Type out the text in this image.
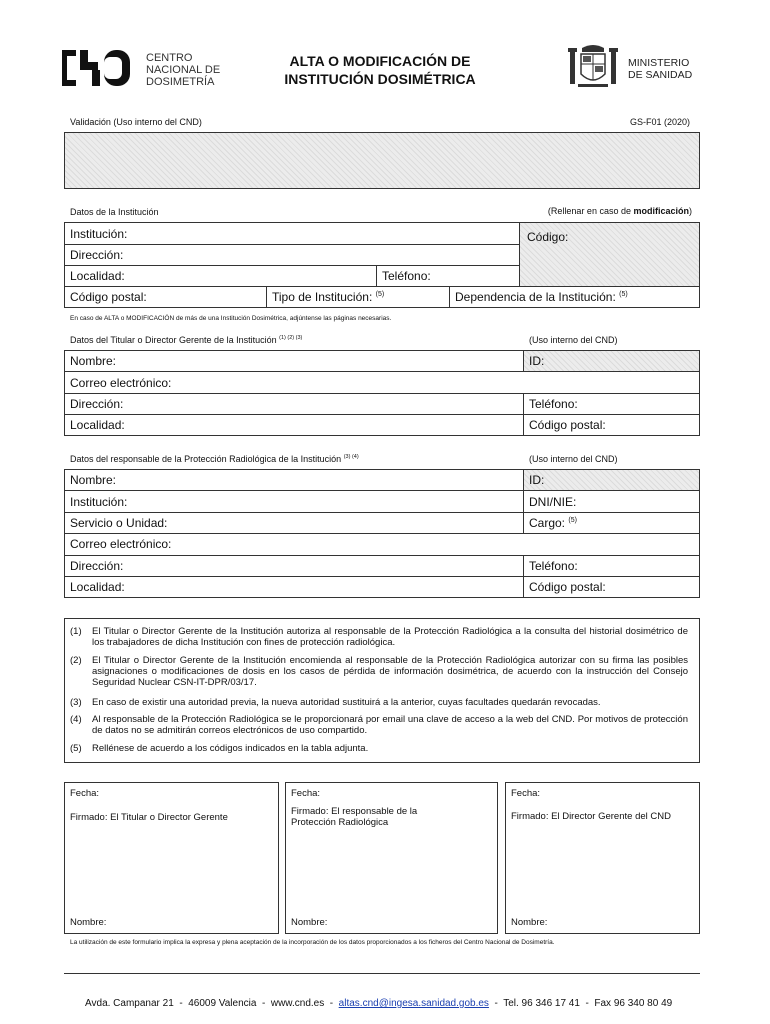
CENTRO
NACIONAL DE
DOSIMETRÍA
ALTA O MODIFICACIÓN DE
INSTITUCIÓN DOSIMÉTRICA
MINISTERIO
DE SANIDAD
Validación (Uso interno del CND)	GS-F01 (2020)
Datos de la Institución	(Rellenar en caso de modificación)
Institución:	Código:
Dirección:
Localidad:	Teléfono:
Código postal:	Tipo de Institución: $^{(5)}$	Dependencia de la Institución: $^{(5)}$
En caso de ALTA o MODIFICACIÓN de más de una Institución Dosimétrica, adjúntense las páginas necesarias.
Datos del Titular o Director Gerente de la Institución $^{(1) (2) (3)}$	(Uso interno del CND)
Nombre:	ID:
Correo electrónico:
Dirección:	Teléfono:
Localidad:	Código postal:
Datos del responsable de la Protección Radiológica de la Institución $^{(3) (4)}$	(Uso interno del CND)
Nombre:	ID:
Institución:	DNI/NIE:
Servicio o Unidad:	Cargo: $^{(5)}$
Correo electrónico:
Dirección:	Teléfono:
Localidad:	Código postal:
(1) El Titular o Director Gerente de la Institución autoriza al responsable de la Protección Radiológica a la consulta del historial dosimétrico de los trabajadores de dicha Institución con fines de protección radiológica.
(2) El Titular o Director Gerente de la Institución encomienda al responsable de la Protección Radiológica autorizar con su firma las posibles asignaciones o modificaciones de dosis en los casos de pérdida de información dosimétrica, de acuerdo con la instrucción del Consejo Seguridad Nuclear CSN-IT-DPR/03/17.
(3) En caso de existir una autoridad previa, la nueva autoridad sustituirá a la anterior, cuyas facultades quedarán revocadas.
(4) Al responsable de la Protección Radiológica se le proporcionará por email una clave de acceso a la web del CND. Por motivos de protección de datos no se admitirán correos electrónicos de uso compartido.
(5) Rellénese de acuerdo a los códigos indicados en la tabla adjunta.
Fecha:
Firmado: El Titular o Director Gerente
Nombre:
Fecha:
Firmado: El responsable de la Protección Radiológica
Nombre:
Fecha:
Firmado: El Director Gerente del CND
Nombre:
La utilización de este formulario implica la expresa y plena aceptación de la incorporación de los datos proporcionados a los ficheros del Centro Nacional de Dosimetría.

Avda. Campanar 21  -  46009 Valencia  -  www.cnd.es  -  altas.cnd@ingesa.sanidad.gob.es  -  Tel. 96 346 17 41  -  Fax 96 340 80 49
